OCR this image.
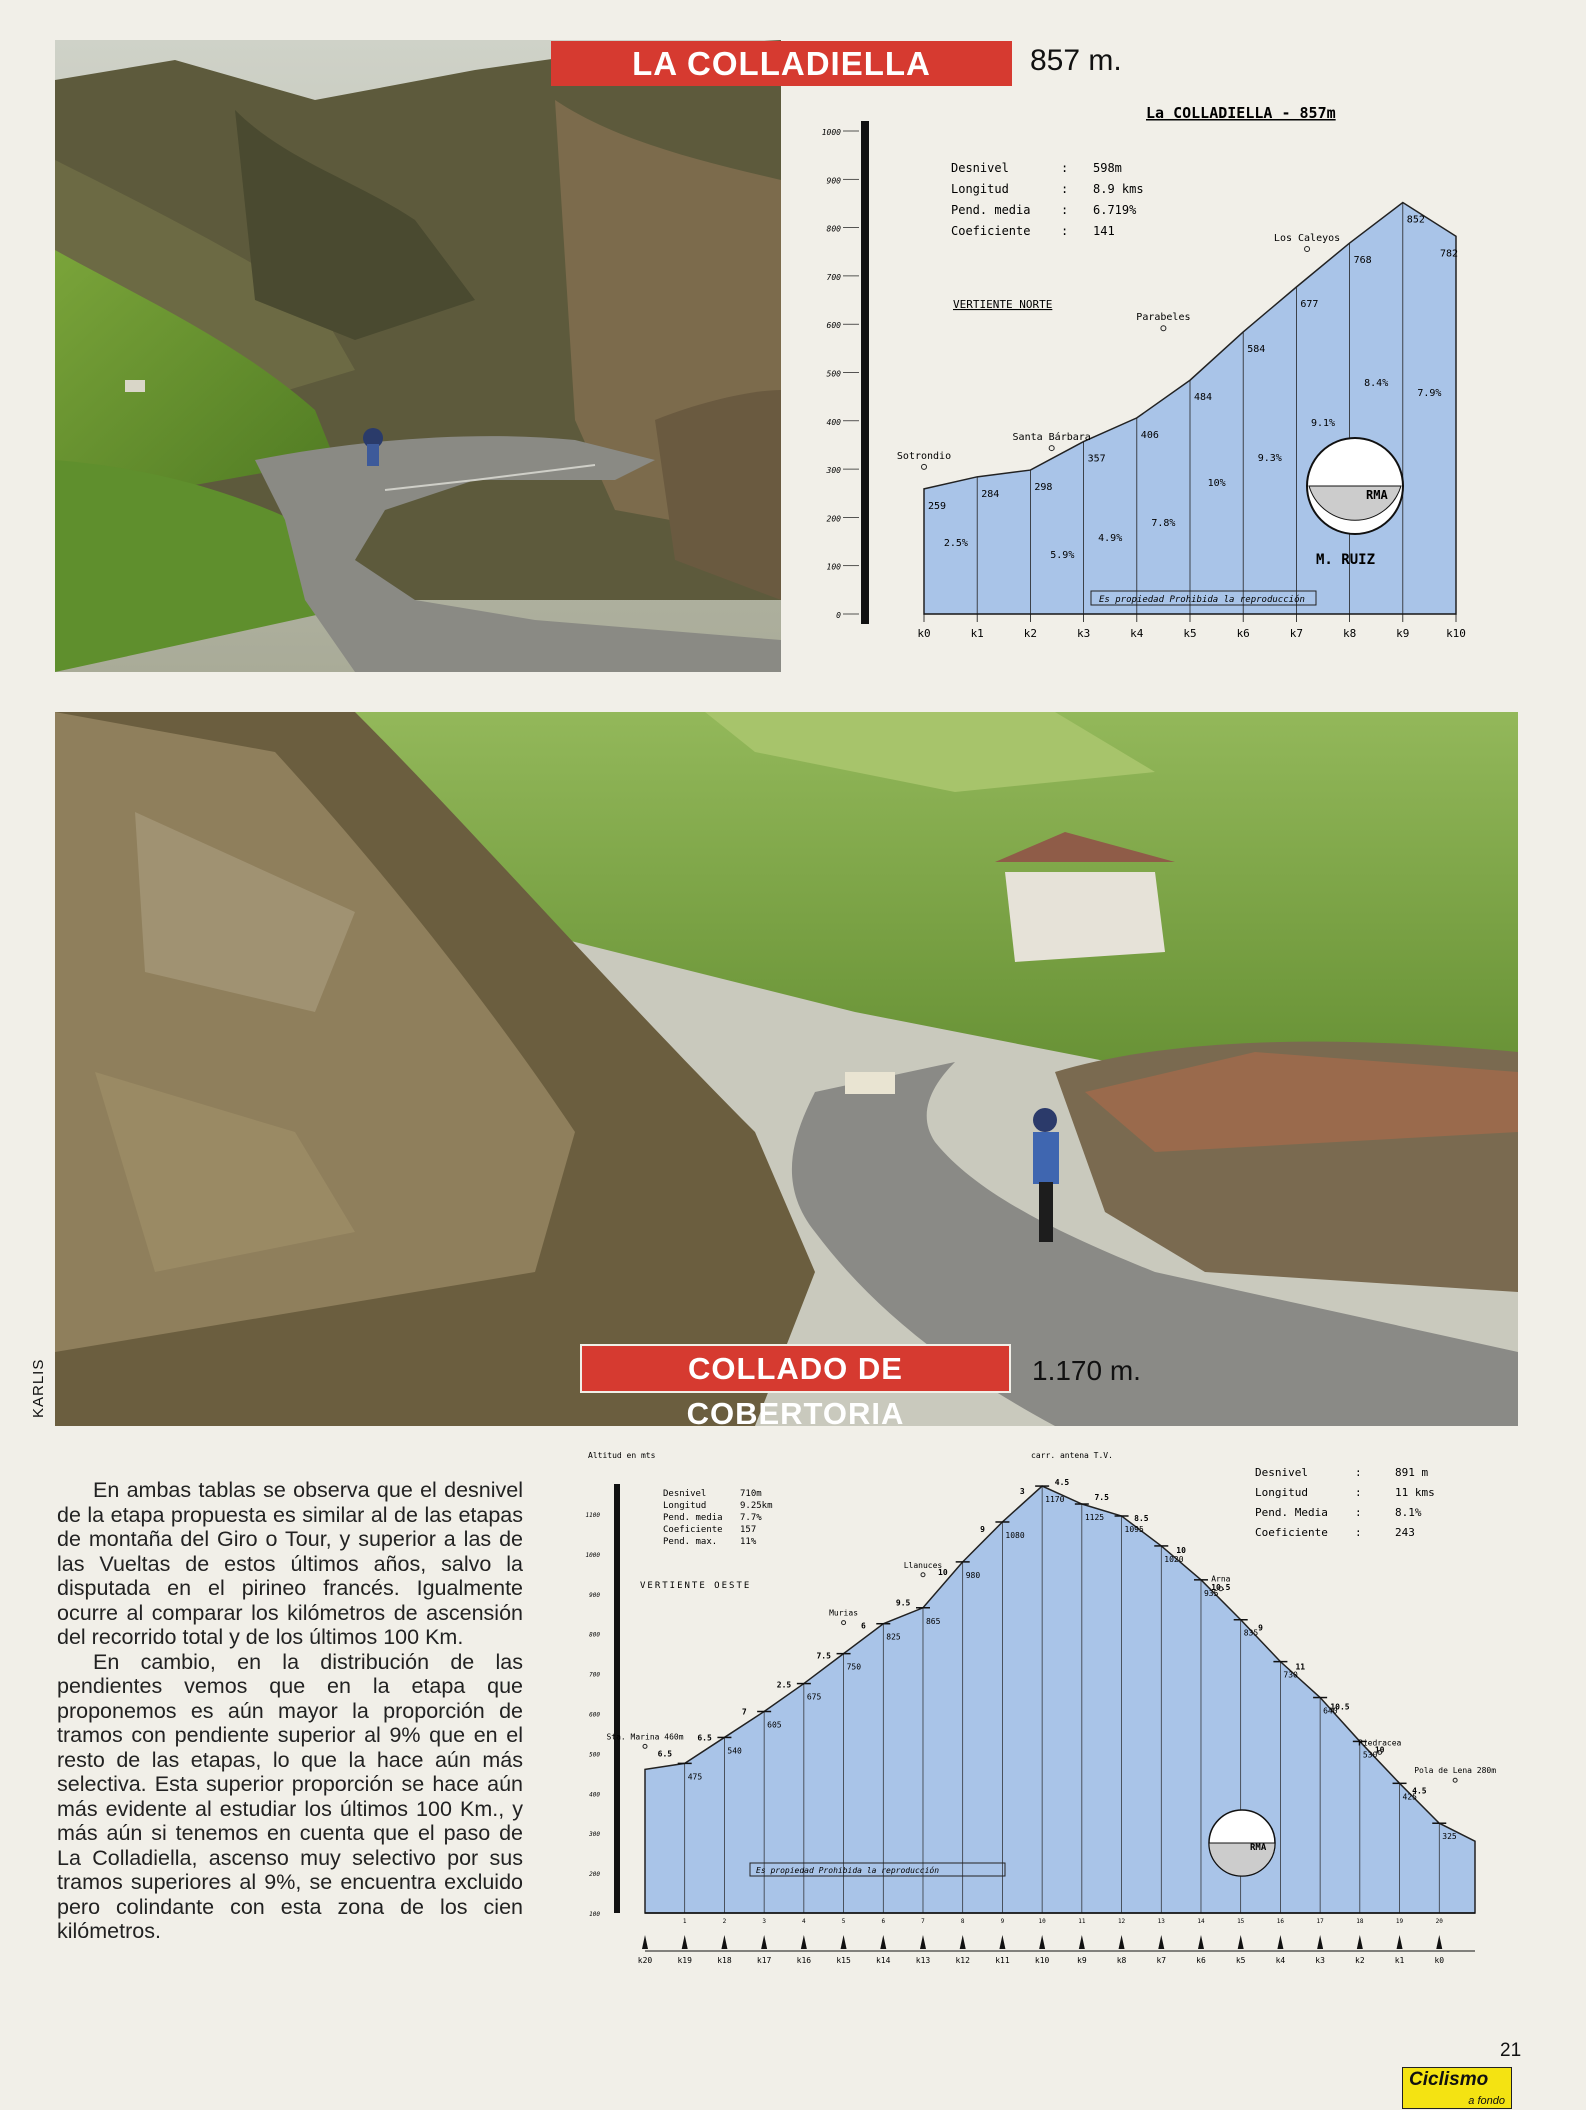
LA COLLADIELLA	857 m.
1000
900
800
700
600
500
400
300
200
100
0
La COLLADIELLA - 857m
Desnivel	: 598m
Longitud	: 8.9 kms
Pend. media	: 6.719%
Coeficiente	: 141
VERTIENTE NORTE
259
k0
284
k1
298
k2
357
k3
406
k4
484
k5
584
k6
677
k7
768
k8
852
k9
782
k10
2.5%
5.9%
4.9%
7.8%
10%
9.3%
9.1%
8.4%
7.9%
Sotrondio
Santa Bárbara
Parabeles
Los Caleyos
Es propiedad Prohibida la reproducción
RMA
M. RUIZ
COLLADO DE COBERTORIA
1.170 m.
KARLIS
Altitud en mts
1100
1000
900
800
700
600
500
400
300
200
100
Desnivel	710m
Longitud	9.25km
Pend. media 7.7%
Coeficiente 157
Pend. max.	11%
Desnivel	:	891 m
Longitud	:	11 kms
Pend. Media :	8.1%
Coeficiente :	243
VERTIENTE OESTE
carr. antena T.V.
475
540
605
675
750
825
865
980
1080
1170
1125
1095
1020
935
835
730
640
530
425
325
6.5
6.5
7
2.5
7.5
6
9.5
10
9
3
4.5
7.5
8.5
10
10.5
9
11
10.5
10
4.5
Sta. Marina 460m
Murias
Llanuces
Arna
Piedracea
Pola de Lena 280m
1	2	3	4	5	6	7	8	9	10	11	12	13	14	15	16	17	18	19	20
k20	k19	k18	k17	k16	k15	k14	k13	k12	k11	k10	k9	k8	k7	k6	k5	k4	k3	k2	k1	k0
Es propiedad Prohibida la reproducción
RMA

En ambas tablas se observa que el desnivel de la etapa propuesta es similar al de las etapas de montaña del Giro o Tour, y superior a las de las Vueltas de estos últimos años, salvo la disputada en el pirineo francés. Igualmente ocurre al comparar los kilómetros de ascensión del recorrido total y de los últimos 100 Km.

En cambio, en la distribución de las pendientes vemos que en la etapa que proponemos es aún mayor la proporción de tramos con pendiente superior al 9% que en el resto de las etapas, lo que la hace aún más selectiva. Esta superior proporción se hace aún más evidente al estudiar los últimos 100 Km., y más aún si tenemos en cuenta que el paso de La Colladiella, ascenso muy selectivo por sus tramos superiores al 9%, se encuentra excluido pero colindante con esta zona de los cien kilómetros.

21
Ciclismo
a fondo
